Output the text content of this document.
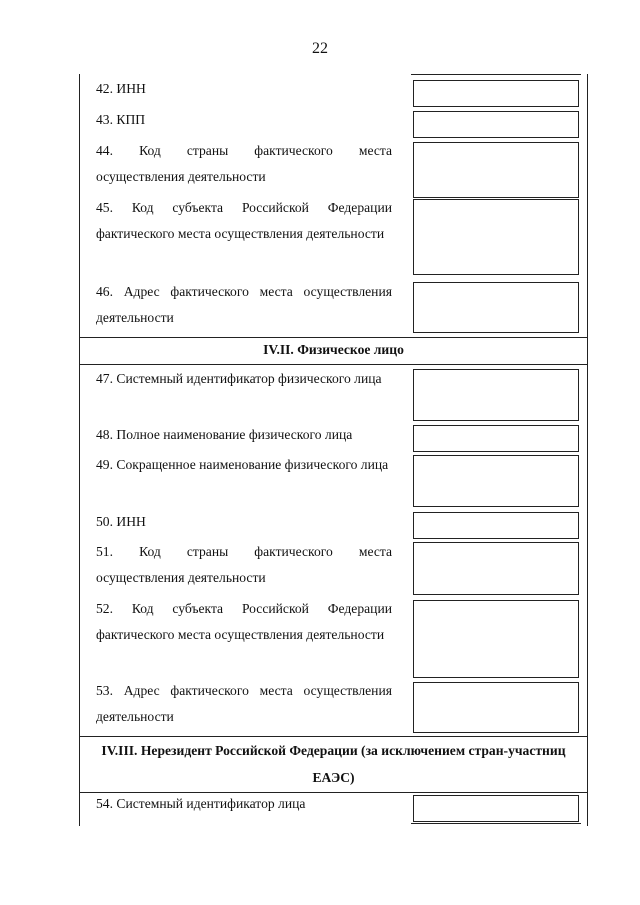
22
42. ИНН
43. КПП
44. Код страны фактического места осуществления деятельности
45. Код субъекта Российской Федерации фактического места осуществления деятельности
46. Адрес фактического места осуществления деятельности
IV.II. Физическое лицо
47. Системный идентификатор физического лица
48. Полное наименование физического лица
49. Сокращенное наименование физического лица
50. ИНН
51. Код страны фактического места осуществления деятельности
52. Код субъекта Российской Федерации фактического места осуществления деятельности
53. Адрес фактического места осуществления деятельности
IV.III. Нерезидент Российской Федерации (за исключением стран-участниц ЕАЭС)
54. Системный идентификатор лица
